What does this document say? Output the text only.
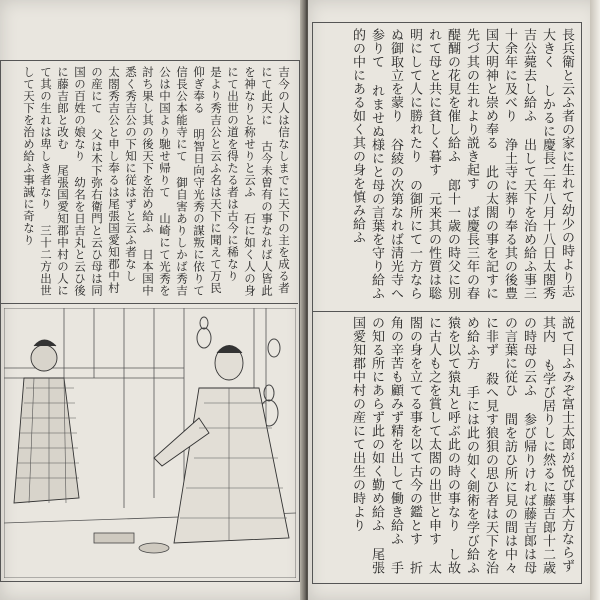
吉今の人は信なしまでに天下の主を成る者にて此天に 古今未曽有の事なれば人皆此を神なりと称せりと云ふ 石に如く人の身にて出世の道を得たる者は古今に稀なり 是より秀吉公と云ふ名は天下に聞えて万民仰ぎ奉る 明智日向守光秀の謀叛に依りて信長公本能寺にて 御自害ありしかば秀吉公は中国より馳せ帰りて 山崎にて光秀を討ち果し其の後天下を治め給ふ 日本国中悉く秀吉公の下知に従はずと云ふ者なし 太閤秀吉公と申し奉るは尾張国愛知郡中村の産にて 父は木下弥右衛門と云ひ母は同国の百姓の娘なり 幼名を日吉丸と云ひ後に藤吉郎と改む 尾張国愛知郡中村の人にて其の生れは卑しき者なり 三十二方出世して天下を治め給ふ事誠に奇なり	長兵衛と云ふ者の家に生れて幼少の時より志大きく しかるに慶長二年八月十八日太閤秀吉公薨去し給ふ 出して天下を治め給ふ事三十余年に及べり 浄土寺に葬り奉る其の後豊国大明神と崇め奉る 此の太閤の事を記すに先づ其の生れより説き起す ば慶長三年の春醍醐の花見を催し給ふ 郎十一歳の時父に別れて母と共に貧しく暮す 元来其の性質は聡明にして人に勝れたり の御所にて一方ならぬ御取立を蒙り 谷綾の次第なれば清光寺へ参りて れませぬ様にと母の言葉を守り給ふ 的の中にある如く其の身を慎み給ふ
説て曰ふみぞ富士太郎が悦び事大方ならず其内 も学び居りしに然るに藤吉郎十二歳の時母の云ふ 参び帰りければ藤吉郎は母の言葉に従ひ 間を訪ひ所に見の間は中々に非ず 殺へ見す狼狽の思ひ者は天下を治め給ふ方 手には此の如く剣術を学び給ふ 猿を以て猿丸と呼ぶ此の時の事なり し故に古人も之を賞して太閤の出世と申す 太閤の身を立てる事を以て古今の鑑とす 折角の辛苦も顧みず精を出して働き給ふ 手の知る所にあらず此の如く勤め給ふ 尾張国愛知郡中村の産にて出生の時より
